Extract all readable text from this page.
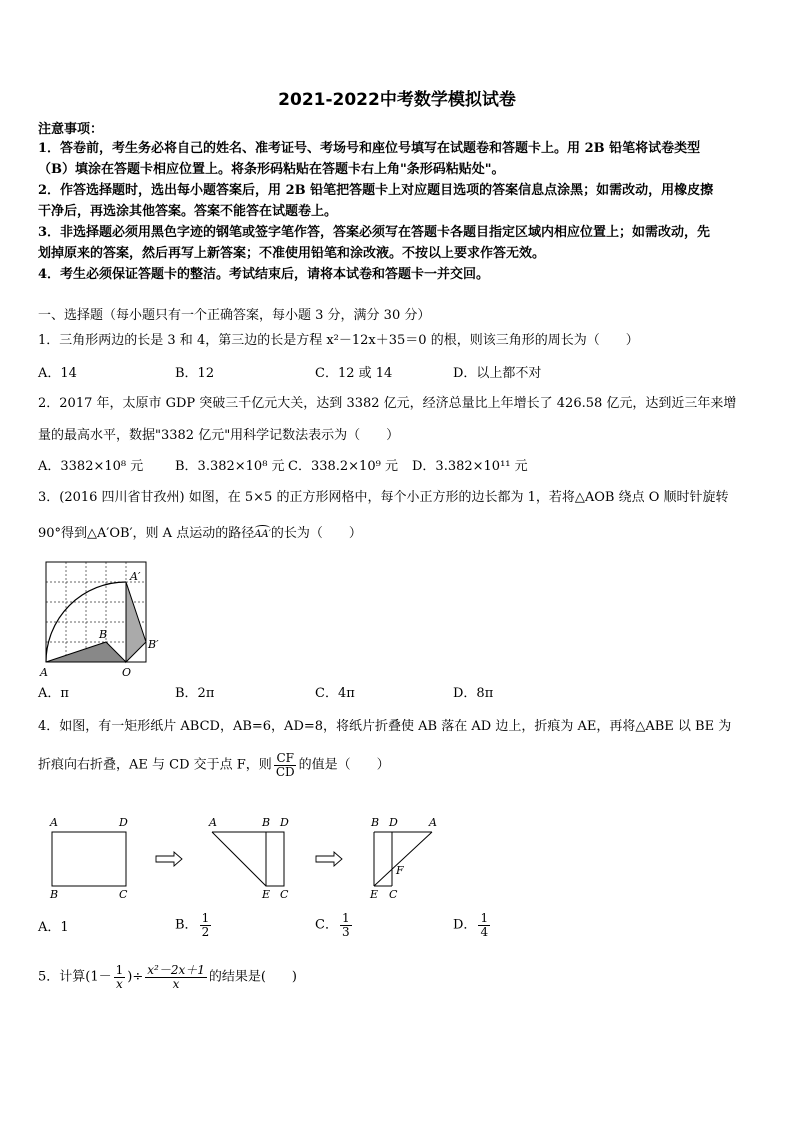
2021-2022中考数学模拟试卷
注意事项：
1．答卷前，考生务必将自己的姓名、准考证号、考场号和座位号填写在试题卷和答题卡上。用 2B 铅笔将试卷类型
（B）填涂在答题卡相应位置上。将条形码粘贴在答题卡右上角"条形码粘贴处"。
2．作答选择题时，选出每小题答案后，用 2B 铅笔把答题卡上对应题目选项的答案信息点涂黑；如需改动，用橡皮擦
干净后，再选涂其他答案。答案不能答在试题卷上。
3．非选择题必须用黑色字迹的钢笔或签字笔作答，答案必须写在答题卡各题目指定区域内相应位置上；如需改动，先
划掉原来的答案，然后再写上新答案；不准使用铅笔和涂改液。不按以上要求作答无效。
4．考生必须保证答题卡的整洁。考试结束后，请将本试卷和答题卡一并交回。
一、选择题（每小题只有一个正确答案，每小题 3 分，满分 30 分）
1．三角形两边的长是 3 和 4，第三边的长是方程 x²－12x＋35＝0 的根，则该三角形的周长为（　　）
A．14	B．12	C．12 或 14	D．以上都不对
2．2017 年，太原市 GDP 突破三千亿元大关，达到 3382 亿元，经济总量比上年增长了 426.58 亿元，达到近三年来增
量的最高水平，数据"3382 亿元"用科学记数法表示为（　　）
A．3382×10⁸ 元 B．3.382×10⁸ 元 C．338.2×10⁹ 元 D．3.382×10¹¹ 元
3．(2016 四川省甘孜州) 如图，在 5×5 的正方形网格中，每个小正方形的边长都为 1，若将△AOB 绕点 O 顺时针旋转
90°得到△A′OB′，则 A 点运动的路径
AA′的长为（　　）
A	O
B
A′
B′
A．π	B．2π	C．4π	D．8π
4．如图，有一矩形纸片 ABCD，AB=6，AD=8，将纸片折叠使 AB 落在 AD 边上，折痕为 AE，再将△ABE 以 BE 为
折痕向右折叠，AE 与 CD 交于点 F，则 $\frac{CF}{CD}$ 的值是（　　）
A	D
B	C
A	B D
E C
B D	A
F
E C
A．1	B． $\frac{1}{2}$	C． $\frac{1}{3}$	D． $\frac{1}{4}$
5．计算($1- \frac{1}{x}$ )÷ $\frac{\text{x²－2x＋1}}{x}$ 的结果是(　　)
